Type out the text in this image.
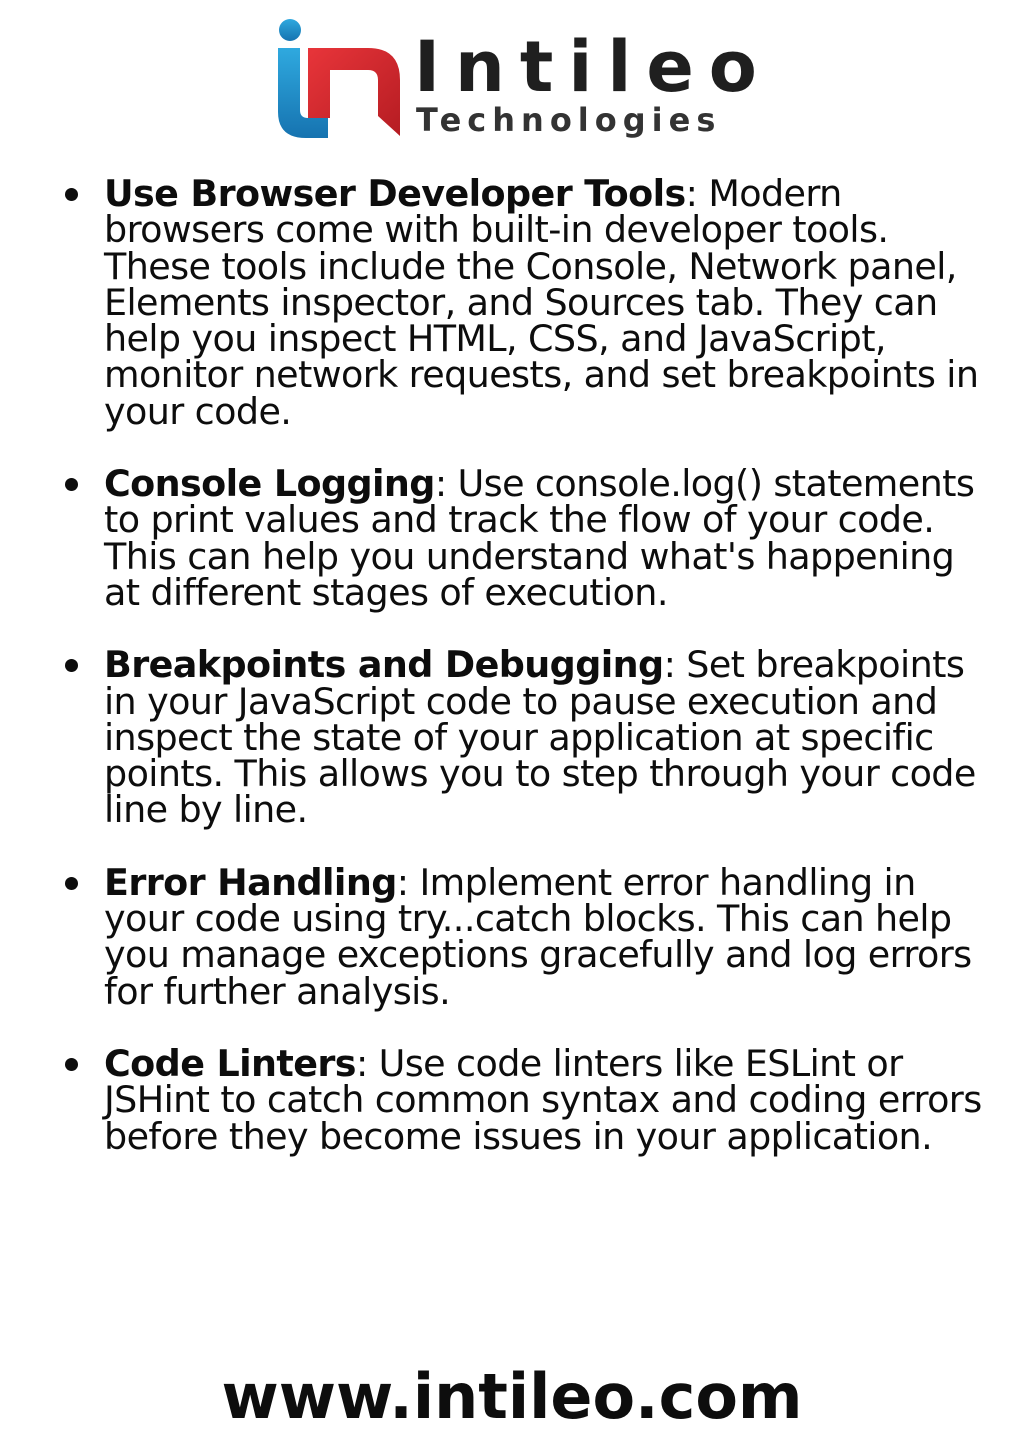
Intileo
Technologies
Use Browser Developer Tools: Modern browsers come with built-in developer tools. These tools include the Console, Network panel, Elements inspector, and Sources tab. They can help you inspect HTML, CSS, and JavaScript, monitor network requests, and set breakpoints in your code.
Console Logging: Use console.log() statements to print values and track the flow of your code. This can help you understand what's happening at different stages of execution.
Breakpoints and Debugging: Set breakpoints in your JavaScript code to pause execution and inspect the state of your application at specific points. This allows you to step through your code line by line.
Error Handling: Implement error handling in your code using try...catch blocks. This can help you manage exceptions gracefully and log errors for further analysis.
Code Linters: Use code linters like ESLint or JSHint to catch common syntax and coding errors before they become issues in your application.
www.intileo.com
